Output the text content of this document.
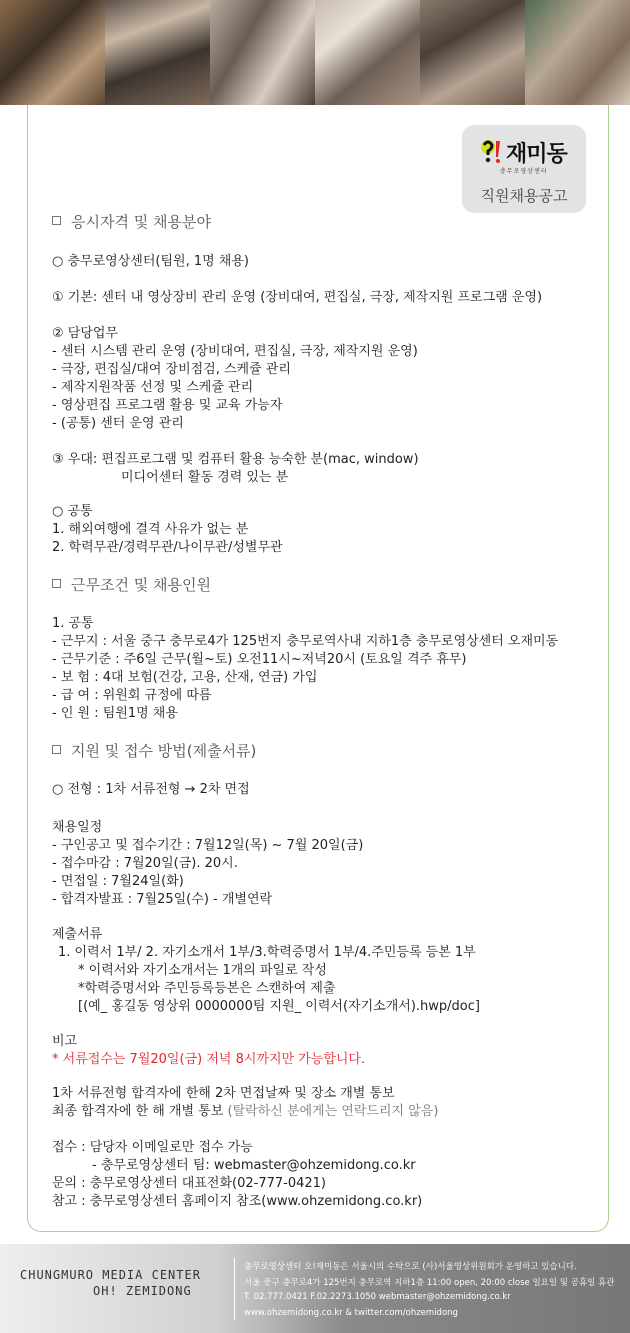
재미동
충무로영상센터
직원채용공고
응시자격 및 채용분야
○ 충무로영상센터(팀원, 1명 채용)
① 기본: 센터 내 영상장비 관리 운영 (장비대여, 편집실, 극장, 제작지원 프로그램 운영)
② 담당업무
- 센터 시스템 관리 운영 (장비대여, 편집실, 극장, 제작지원 운영)
- 극장, 편집실/대여 장비점검, 스케쥴 관리
- 제작지원작품 선정 및 스케쥴 관리
- 영상편집 프로그램 활용 및 교육 가능자
- (공통) 센터 운영 관리
③ 우대: 편집프로그램 및 컴퓨터 활용 능숙한 분(mac, window)
미디어센터 활동 경력 있는 분
○ 공통
1. 해외여행에 결격 사유가 없는 분
2. 학력무관/경력무관/나이무관/성별무관
근무조건 및 채용인원
1. 공통
- 근무지 : 서울 중구 충무로4가 125번지 충무로역사내 지하1층 충무로영상센터 오재미동
- 근무기준 : 주6일 근무(월~토) 오전11시~저녁20시 (토요일 격주 휴무)
- 보 험 : 4대 보험(건강, 고용, 산재, 연금) 가입
- 급 여 : 위원회 규정에 따름
- 인 원 : 팀원1명 채용
지원 및 접수 방법(제출서류)
○ 전형 : 1차 서류전형 → 2차 면접
채용일정
- 구인공고 및 접수기간 : 7월12일(목) ~ 7월 20일(금)
- 접수마감 : 7월20일(금). 20시.
- 면접일 : 7월24일(화)
- 합격자발표 : 7월25일(수) - 개별연락
제출서류
1. 이력서 1부/ 2. 자기소개서 1부/3.학력증명서 1부/4.주민등록 등본 1부
* 이력서와 자기소개서는 1개의 파일로 작성
*학력증명서와 주민등록등본은 스캔하여 제출
[(예_ 홍길동 영상위 0000000팀 지원_ 이력서(자기소개서).hwp/doc]
비고
* 서류접수는 7월20일(금) 저녁 8시까지만 가능합니다.
1차 서류전형 합격자에 한해 2차 면접날짜 및 장소 개별 통보
최종 합격자에 한 해 개별 통보 (탈락하신 분에게는 연락드리지 않음)
접수 : 담당자 이메일로만 접수 가능
- 충무로영상센터 팀: webmaster@ohzemidong.co.kr
문의 : 충무로영상센터 대표전화(02-777-0421)
참고 : 충무로영상센터 홈페이지 참조(www.ohzemidong.co.kr)
CHUNGMURO MEDIA CENTER
OH! ZEMIDONG
충무로영상센터 오!재미동은 서울시의 수탁으로 (사)서울영상위원회가 운영하고 있습니다.
서울 중구 충무로4가 125번지 충무로역 지하1층 11:00 open, 20:00 close 일요일 및 공휴일 휴관
T. 02.777.0421 F.02.2273.1050 webmaster@ohzemidong.co.kr
www.ohzemidong.co.kr & twitter.com/ohzemidong
